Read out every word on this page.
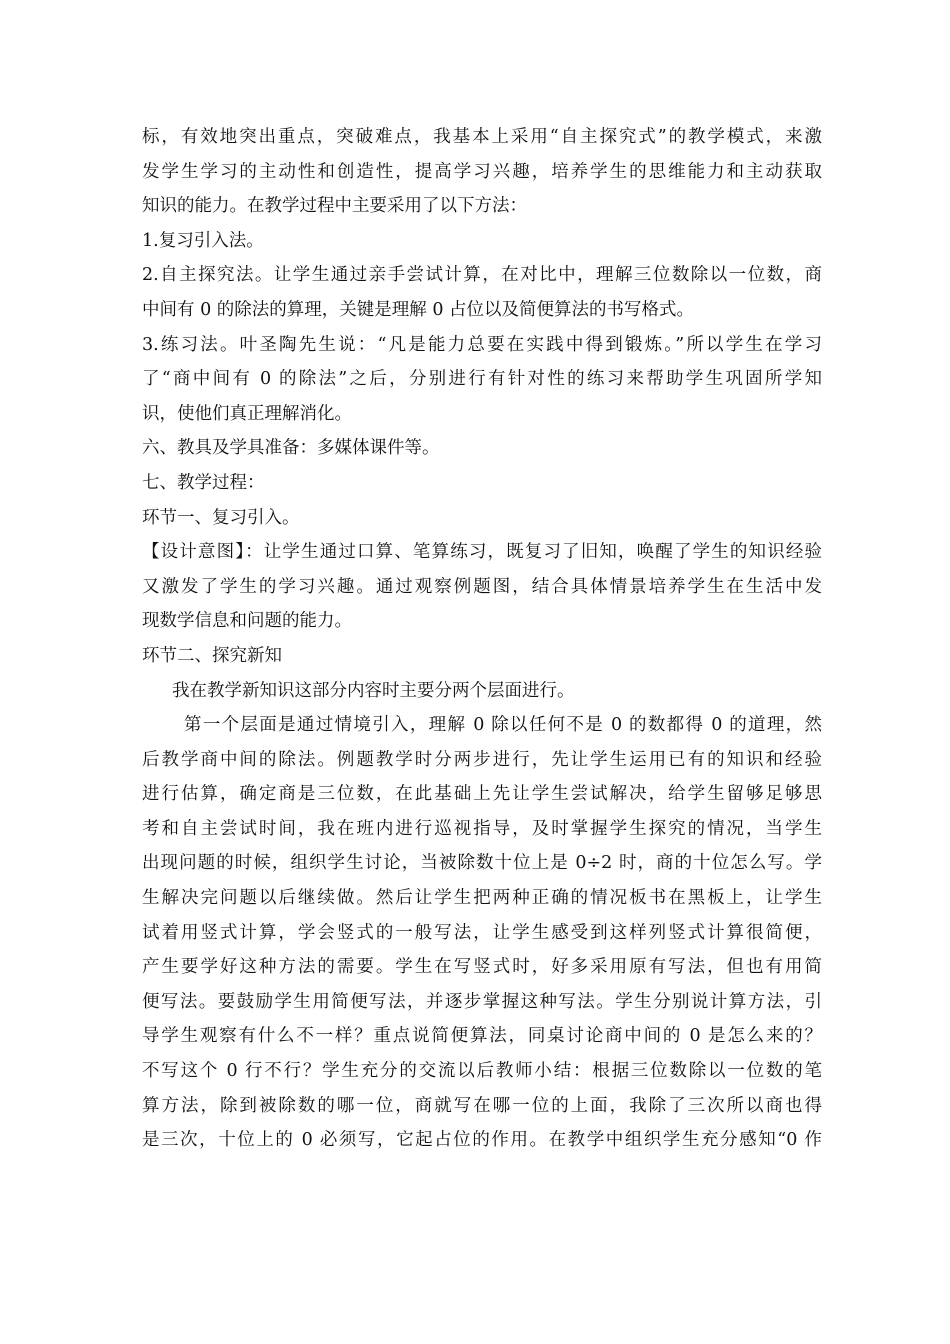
标，有效地突出重点，突破难点，我基本上采用“自主探究式”的教学模式，来激
发学生学习的主动性和创造性，提高学习兴趣，培养学生的思维能力和主动获取
知识的能力。在教学过程中主要采用了以下方法：
1.复习引入法。
2.自主探究法。让学生通过亲手尝试计算，在对比中，理解三位数除以一位数，商
中间有 0 的除法的算理，关键是理解 0 占位以及简便算法的书写格式。
3.练习法。叶圣陶先生说：“凡是能力总要在实践中得到锻炼。”所以学生在学习
了“商中间有 0 的除法”之后，分别进行有针对性的练习来帮助学生巩固所学知
识，使他们真正理解消化。
六、教具及学具准备：多媒体课件等。
七、教学过程：
环节一、复习引入。
【设计意图】：让学生通过口算、笔算练习，既复习了旧知，唤醒了学生的知识经验
又激发了学生的学习兴趣。通过观察例题图，结合具体情景培养学生在生活中发
现数学信息和问题的能力。
环节二、探究新知
我在教学新知识这部分内容时主要分两个层面进行。
第一个层面是通过情境引入，理解 0 除以任何不是 0 的数都得 0 的道理，然
后教学商中间的除法。例题教学时分两步进行，先让学生运用已有的知识和经验
进行估算，确定商是三位数，在此基础上先让学生尝试解决，给学生留够足够思
考和自主尝试时间，我在班内进行巡视指导，及时掌握学生探究的情况，当学生
出现问题的时候，组织学生讨论，当被除数十位上是 0÷2 时，商的十位怎么写。学
生解决完问题以后继续做。然后让学生把两种正确的情况板书在黑板上，让学生
试着用竖式计算，学会竖式的一般写法，让学生感受到这样列竖式计算很简便，
产生要学好这种方法的需要。学生在写竖式时，好多采用原有写法，但也有用简
便写法。要鼓励学生用简便写法，并逐步掌握这种写法。学生分别说计算方法，引
导学生观察有什么不一样？重点说简便算法，同桌讨论商中间的 0 是怎么来的？
不写这个 0 行不行？学生充分的交流以后教师小结：根据三位数除以一位数的笔
算方法，除到被除数的哪一位，商就写在哪一位的上面，我除了三次所以商也得
是三次，十位上的 0 必须写，它起占位的作用。在教学中组织学生充分感知“0 作
